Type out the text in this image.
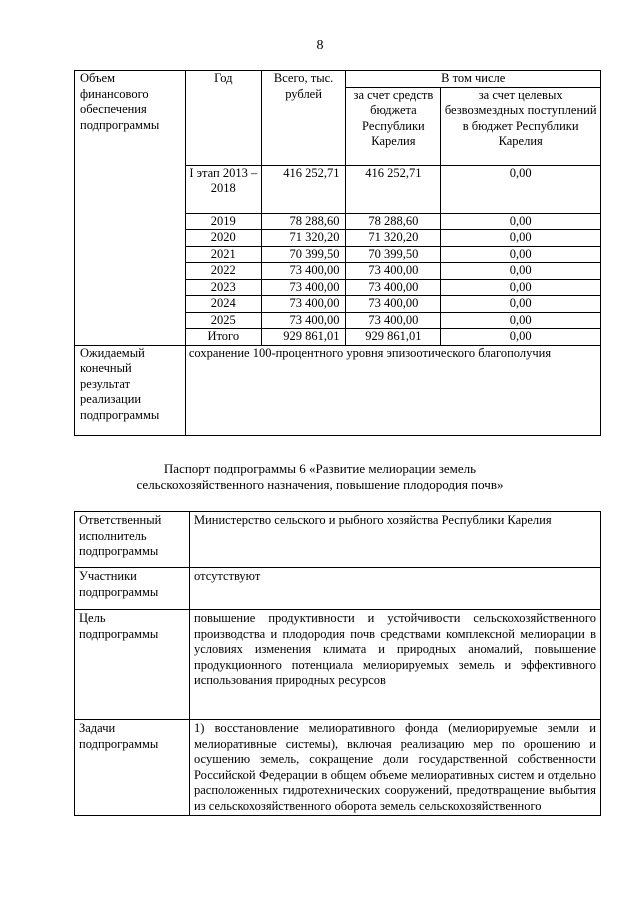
8
Объем финансового обеспечения подпрограммы	Год	Всего, тыс. рублей	В том числе	
			за счет средств бюджета Республики Карелия	за счет целевых безвозмездных поступлений в бюджет Республики Карелия
	I этап 2013 – 2018	416 252,71	416 252,71	0,00
	2019	78 288,60	78 288,60	0,00
	2020	71 320,20	71 320,20	0,00
	2021	70 399,50	70 399,50	0,00
	2022	73 400,00	73 400,00	0,00
	2023	73 400,00	73 400,00	0,00
	2024	73 400,00	73 400,00	0,00
	2025	73 400,00	73 400,00	0,00
	Итого	929 861,01	929 861,01	0,00
Ожидаемый конечный результат реализации подпрограммы	сохранение 100-процентного уровня эпизоотического благополучия			
Паспорт подпрограммы 6 «Развитие мелиорации земель
сельскохозяйственного назначения, повышение плодородия почв»
Ответственный исполнитель подпрограммы	Министерство сельского и рыбного хозяйства Республики Карелия
Участники подпрограммы	отсутствуют
Цель подпрограммы	повышение продуктивности и устойчивости сельскохозяйственного производства и плодородия почв средствами комплексной мелиорации в условиях изменения климата и природных аномалий, повышение продукционного потенциала мелиорируемых земель и эффективного использования природных ресурсов
Задачи подпрограммы	1) восстановление мелиоративного фонда (мелиорируемые земли и мелиоративные системы), включая реализацию мер по орошению и осушению земель, сокращение доли государственной собственности Российской Федерации в общем объеме мелиоративных систем и отдельно расположенных гидротехнических сооружений, предотвращение выбытия из сельскохозяйственного оборота земель сельскохозяйственного
